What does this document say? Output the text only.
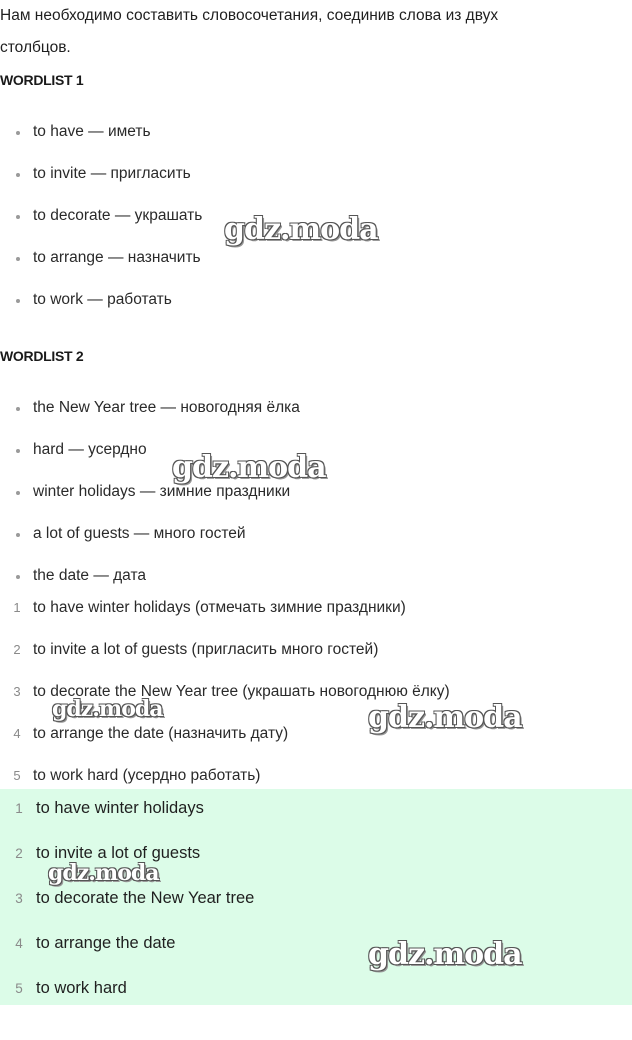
Нам необходимо составить словосочетания, соединив слова из двух столбцов.
WORDLIST 1
to have — иметь
to invite — пригласить
to decorate — украшать
to arrange — назначить
to work — работать
WORDLIST 2
the New Year tree — новогодняя ёлка
hard — усердно
winter holidays — зимние праздники
a lot of guests — много гостей
the date — дата
1 to have winter holidays (отмечать зимние праздники)
2 to invite a lot of guests (пригласить много гостей)
3 to decorate the New Year tree (украшать новогоднюю ёлку)
4 to arrange the date (назначить дату)
5 to work hard (усердно работать)
1 to have winter holidays
2 to invite a lot of guests
3 to decorate the New Year tree
4 to arrange the date
5 to work hard
gdz.moda
gdz.moda
gdz.moda	gdz.moda
gdz.moda
gdz.moda
